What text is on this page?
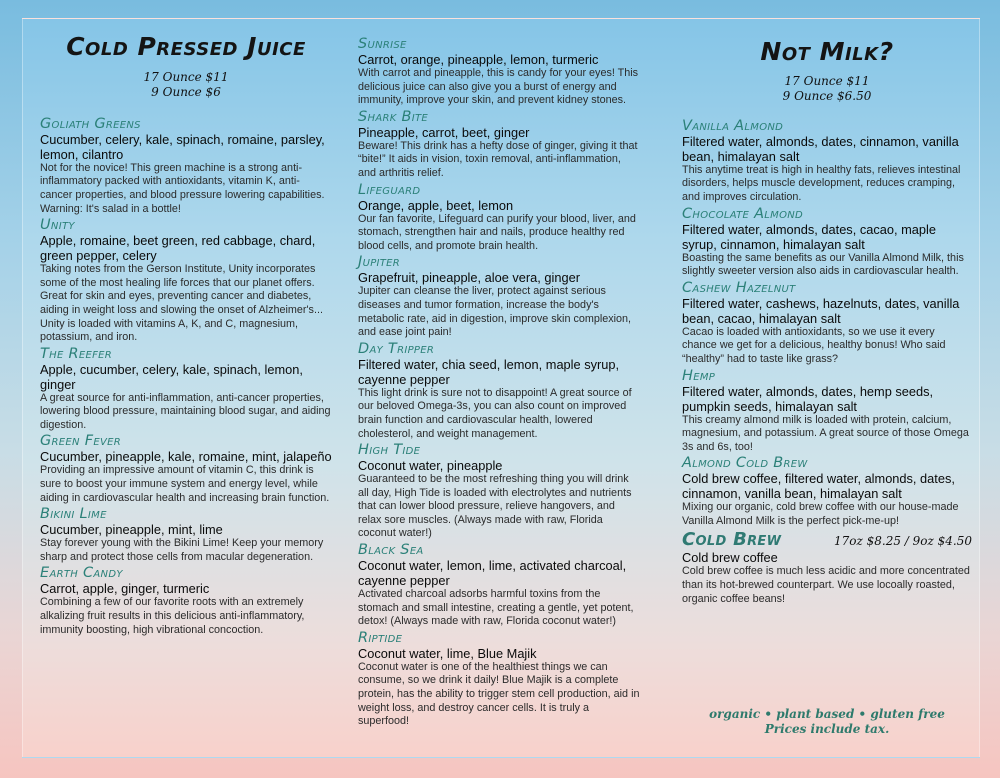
Cold Pressed Juice

17 Ounce $11

9 Ounce $6

Goliath Greens

Cucumber, celery, kale, spinach, romaine, parsley, lemon, cilantro

Not for the novice! This green machine is a strong anti-inflammatory packed with antioxidants, vitamin K, anti-cancer properties, and blood pressure lowering capabilities. Warning: It's salad in a bottle!

Unity

Apple, romaine, beet green, red cabbage, chard, green pepper, celery

Taking notes from the Gerson Institute, Unity incorporates some of the most healing life forces that our planet offers. Great for skin and eyes, preventing cancer and diabetes, aiding in weight loss and slowing the onset of Alzheimer's... Unity is loaded with vitamins A, K, and C, magnesium, potassium, and iron.

The Reefer

Apple, cucumber, celery, kale, spinach, lemon, ginger

A great source for anti-inflammation, anti-cancer properties, lowering blood pressure, maintaining blood sugar, and aiding digestion.

Green Fever

Cucumber, pineapple, kale, romaine, mint, jalapeño

Providing an impressive amount of vitamin C, this drink is sure to boost your immune system and energy level, while aiding in cardiovascular health and increasing brain function.

Bikini Lime

Cucumber, pineapple, mint, lime

Stay forever young with the Bikini Lime! Keep your memory sharp and protect those cells from macular degeneration.

Earth Candy

Carrot, apple, ginger, turmeric

Combining a few of our favorite roots with an extremely alkalizing fruit results in this delicious anti-inflammatory, immunity boosting, high vibrational concoction.

Sunrise

Carrot, orange, pineapple, lemon, turmeric

With carrot and pineapple, this is candy for your eyes! This delicious juice can also give you a burst of energy and immunity, improve your skin, and prevent kidney stones.

Shark Bite

Pineapple, carrot, beet, ginger

Beware! This drink has a hefty dose of ginger, giving it that “bite!” It aids in vision, toxin removal, anti-inflammation, and arthritis relief.

Lifeguard

Orange, apple, beet, lemon

Our fan favorite, Lifeguard can purify your blood, liver, and stomach, strengthen hair and nails, produce healthy red blood cells, and promote brain health.

Jupiter

Grapefruit, pineapple, aloe vera, ginger

Jupiter can cleanse the liver, protect against serious diseases and tumor formation, increase the body's metabolic rate, aid in digestion, improve skin complexion, and ease joint pain!

Day Tripper

Filtered water, chia seed, lemon, maple syrup, cayenne pepper

This light drink is sure not to disappoint! A great source of our beloved Omega-3s, you can also count on improved brain function and cardiovascular health, lowered cholesterol, and weight management.

High Tide

Coconut water, pineapple

Guaranteed to be the most refreshing thing you will drink all day, High Tide is loaded with electrolytes and nutrients that can lower blood pressure, relieve hangovers, and relax sore muscles. (Always made with raw, Florida coconut water!)

Black Sea

Coconut water, lemon, lime, activated charcoal, cayenne pepper

Activated charcoal adsorbs harmful toxins from the stomach and small intestine, creating a gentle, yet potent, detox! (Always made with raw, Florida coconut water!)

Riptide

Coconut water, lime, Blue Majik

Coconut water is one of the healthiest things we can consume, so we drink it daily! Blue Majik is a complete protein, has the ability to trigger stem cell production, aid in weight loss, and destroy cancer cells. It is truly a superfood!

Not Milk?

17 Ounce $11

9 Ounce $6.50

Vanilla Almond

Filtered water, almonds, dates, cinnamon, vanilla bean, himalayan salt

This anytime treat is high in healthy fats, relieves intestinal disorders, helps muscle development, reduces cramping, and improves circulation.

Chocolate Almond

Filtered water, almonds, dates, cacao, maple syrup, cinnamon, himalayan salt

Boasting the same benefits as our Vanilla Almond Milk, this slightly sweeter version also aids in cardiovascular health.

Cashew Hazelnut

Filtered water, cashews, hazelnuts, dates, vanilla bean, cacao, himalayan salt

Cacao is loaded with antioxidants, so we use it every chance we get for a delicious, healthy bonus! Who said “healthy” had to taste like grass?

Hemp

Filtered water, almonds, dates, hemp seeds, pumpkin seeds, himalayan salt

This creamy almond milk is loaded with protein, calcium, magnesium, and potassium. A great source of those Omega 3s and 6s, too!

Almond Cold Brew

Cold brew coffee, filtered water, almonds, dates, cinnamon, vanilla bean, himalayan salt

Mixing our organic, cold brew coffee with our house-made Vanilla Almond Milk is the perfect pick-me-up!

Cold Brew	17oz $8.25 / 9oz $4.50

Cold brew coffee

Cold brew coffee is much less acidic and more concentrated than its hot-brewed counterpart. We use locoally roasted, organic coffee beans!

organic • plant based • gluten free
Prices include tax.
